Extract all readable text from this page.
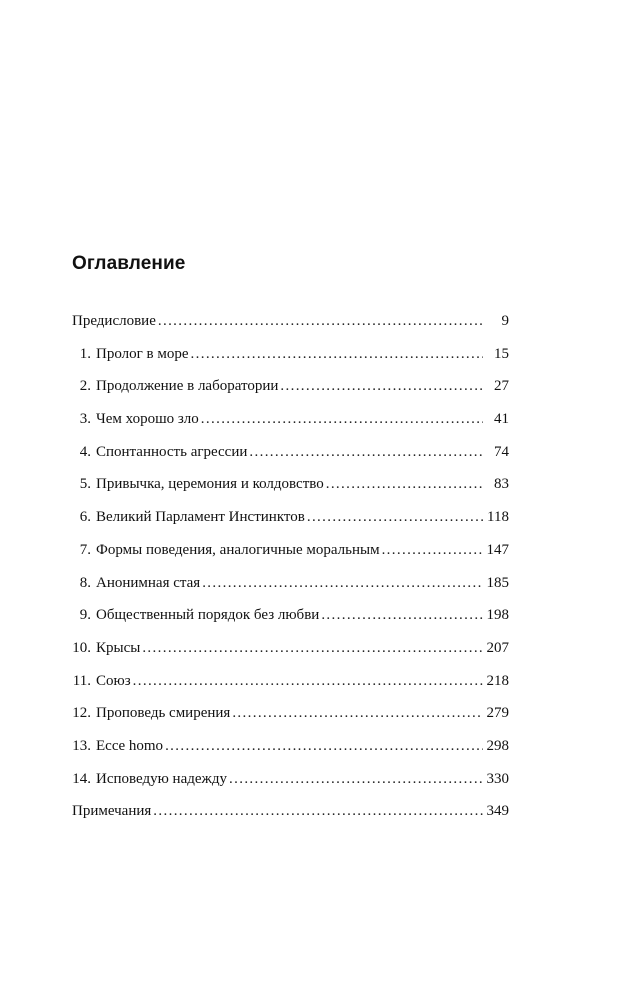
Оглавление
Предисловие . . .	9
1. Пролог в море . . .	15
2. Продолжение в лаборатории . . .	27
3. Чем хорошо зло . . .	41
4. Спонтанность агрессии . . .	74
5. Привычка, церемония и колдовство . . .	83
6. Великий Парламент Инстинктов . . .	118
7. Формы поведения, аналогичные моральным . . .	147
8. Анонимная стая . . .	185
9. Общественный порядок без любви . . .	198
10. Крысы . . .	207
11. Союз . . .	218
12. Проповедь смирения . . .	279
13. Ecce homo . . .	298
14. Исповедую надежду . . .	330
Примечания . . .	349
